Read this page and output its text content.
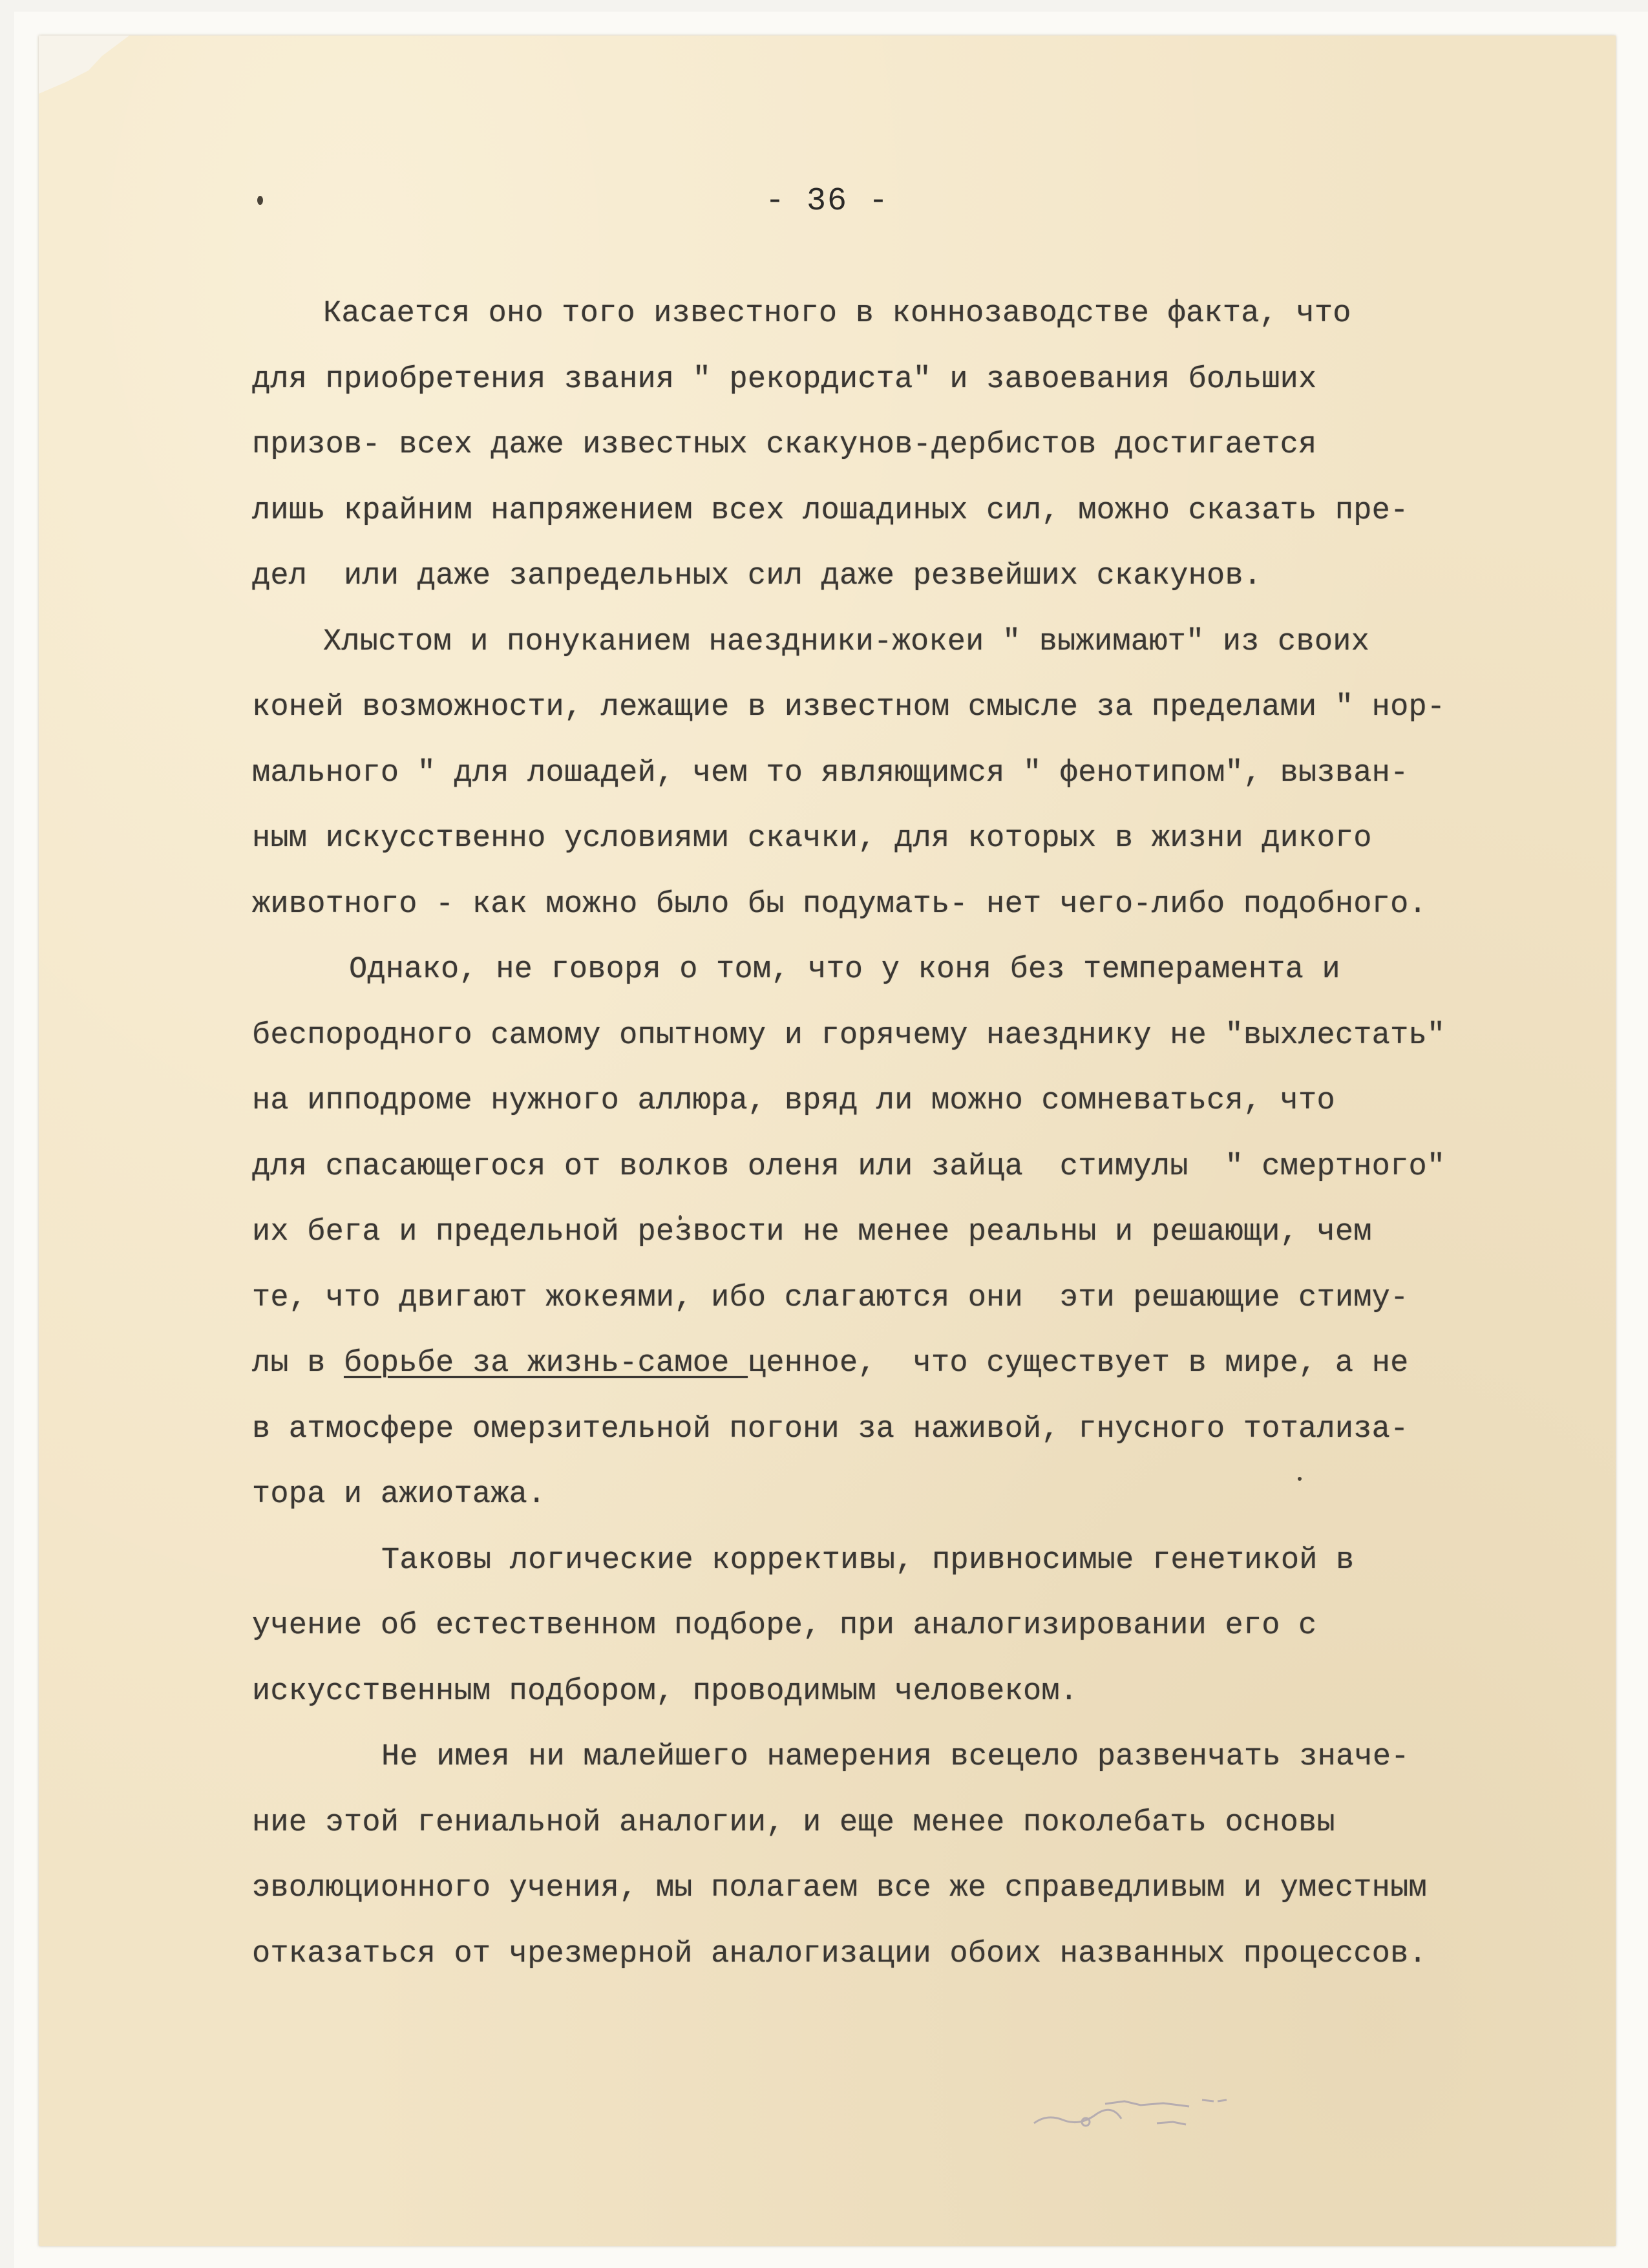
- 36 -

Касается оно того известного в коннозаводстве факта, что
для приобретения звания " рекордиста" и завоевания больших
призов- всех даже известных скакунов-дербистов достигается
лишь крайним напряжением всех лошадиных сил, можно сказать пре-
дел  или даже запредельных сил даже резвейших скакунов.
Хлыстом и понуканием наездники-жокеи " выжимают" из своих
коней возможности, лежащие в известном смысле за пределами " нор-
мального " для лошадей, чем то являющимся " фенотипом", вызван-
ным искусственно условиями скачки, для которых в жизни дикого
животного - как можно было бы подумать- нет чего-либо подобного.
Однако, не говоря о том, что у коня без темперамента и
беспородного самому опытному и горячему наезднику не "выхлестать"
на ипподроме нужного аллюра, вряд ли можно сомневаться, что
для спасающегося от волков оленя или зайца  стимулы  " смертного"
их бега и предельной резвости не менее реальны и решающи, чем
те, что двигают жокеями, ибо слагаются они  эти решающие стиму-
лы в борьбе за жизнь-самое ценное,  что существует в мире, а не
в атмосфере омерзительной погони за наживой, гнусного тотализа-
тора и ажиотажа.
Таковы логические коррективы, привносимые генетикой в
учение об естественном подборе, при аналогизировании его с
искусственным подбором, проводимым человеком.
Не имея ни малейшего намерения всецело развенчать значе-
ние этой гениальной аналогии, и еще менее поколебать основы
эволюционного учения, мы полагаем все же справедливым и уместным
отказаться от чрезмерной аналогизации обоих названных процессов.
